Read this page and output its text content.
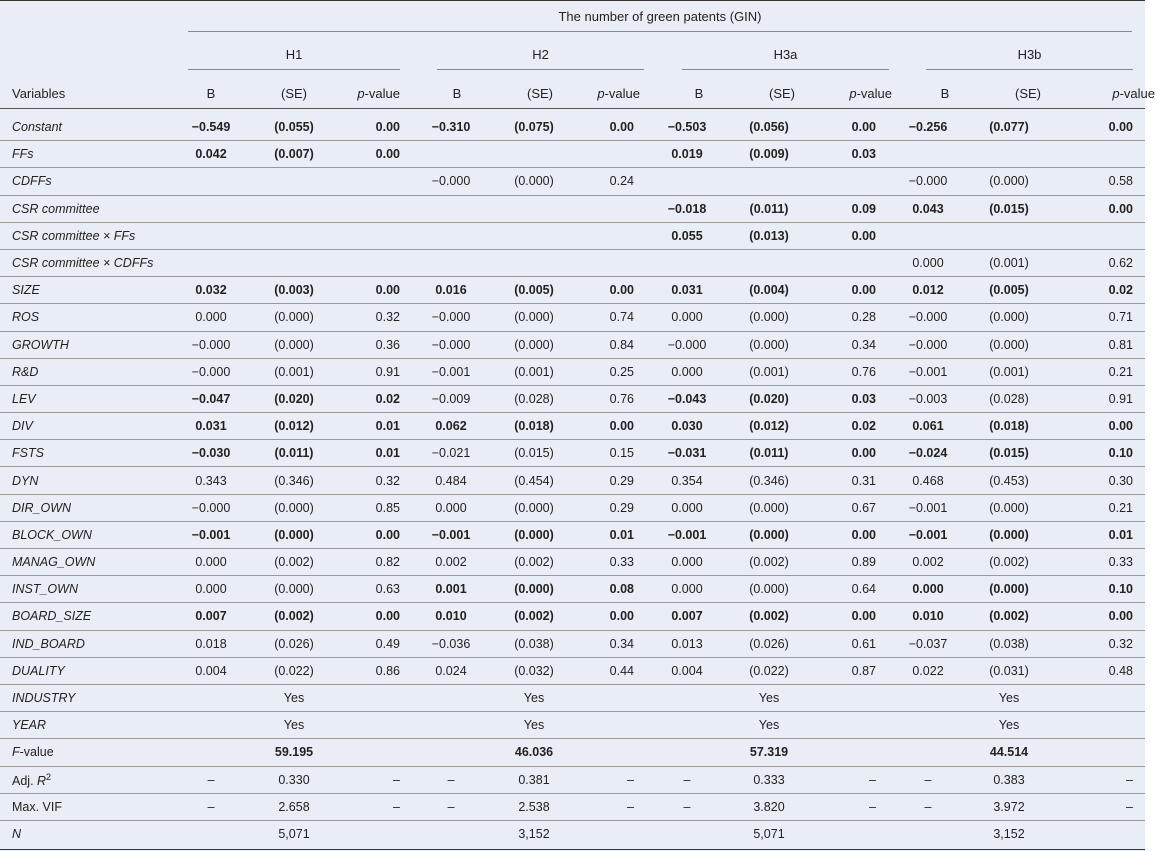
The number of green patents (GIN)
H1	H2	H3a	H3b
Variables	B	(SE)	p-value	B	(SE)	p-value	B	(SE)	p-value	B	(SE)	p-value
Constant	−0.549	(0.055)	0.00	−0.310	(0.075)	0.00	−0.503	(0.056)	0.00	−0.256	(0.077)	0.00
FFs	0.042	(0.007)	0.00				0.019	(0.009)	0.03			
CDFFs				−0.000	(0.000)	0.24				−0.000	(0.000)	0.58
CSR committee							−0.018	(0.011)	0.09	0.043	(0.015)	0.00
CSR committee × FFs							0.055	(0.013)	0.00			
CSR committee × CDFFs										0.000	(0.001)	0.62
SIZE	0.032	(0.003)	0.00	0.016	(0.005)	0.00	0.031	(0.004)	0.00	0.012	(0.005)	0.02
ROS	0.000	(0.000)	0.32	−0.000	(0.000)	0.74	0.000	(0.000)	0.28	−0.000	(0.000)	0.71
GROWTH	−0.000	(0.000)	0.36	−0.000	(0.000)	0.84	−0.000	(0.000)	0.34	−0.000	(0.000)	0.81
R&D	−0.000	(0.001)	0.91	−0.001	(0.001)	0.25	0.000	(0.001)	0.76	−0.001	(0.001)	0.21
LEV	−0.047	(0.020)	0.02	−0.009	(0.028)	0.76	−0.043	(0.020)	0.03	−0.003	(0.028)	0.91
DIV	0.031	(0.012)	0.01	0.062	(0.018)	0.00	0.030	(0.012)	0.02	0.061	(0.018)	0.00
FSTS	−0.030	(0.011)	0.01	−0.021	(0.015)	0.15	−0.031	(0.011)	0.00	−0.024	(0.015)	0.10
DYN	0.343	(0.346)	0.32	0.484	(0.454)	0.29	0.354	(0.346)	0.31	0.468	(0.453)	0.30
DIR_OWN	−0.000	(0.000)	0.85	0.000	(0.000)	0.29	0.000	(0.000)	0.67	−0.001	(0.000)	0.21
BLOCK_OWN	−0.001	(0.000)	0.00	−0.001	(0.000)	0.01	−0.001	(0.000)	0.00	−0.001	(0.000)	0.01
MANAG_OWN	0.000	(0.002)	0.82	0.002	(0.002)	0.33	0.000	(0.002)	0.89	0.002	(0.002)	0.33
INST_OWN	0.000	(0.000)	0.63	0.001	(0.000)	0.08	0.000	(0.000)	0.64	0.000	(0.000)	0.10
BOARD_SIZE	0.007	(0.002)	0.00	0.010	(0.002)	0.00	0.007	(0.002)	0.00	0.010	(0.002)	0.00
IND_BOARD	0.018	(0.026)	0.49	−0.036	(0.038)	0.34	0.013	(0.026)	0.61	−0.037	(0.038)	0.32
DUALITY	0.004	(0.022)	0.86	0.024	(0.032)	0.44	0.004	(0.022)	0.87	0.022	(0.031)	0.48
INDUSTRY		Yes			Yes			Yes			Yes	
YEAR		Yes			Yes			Yes			Yes	
F-value		59.195			46.036			57.319			44.514	
Adj. $R^2$	–	0.330	–	–	0.381	–	–	0.333	–	–	0.383	–
Max. VIF	–	2.658	–	–	2.538	–	–	3.820	–	–	3.972	–
N		5,071			3,152			5,071			3,152	
